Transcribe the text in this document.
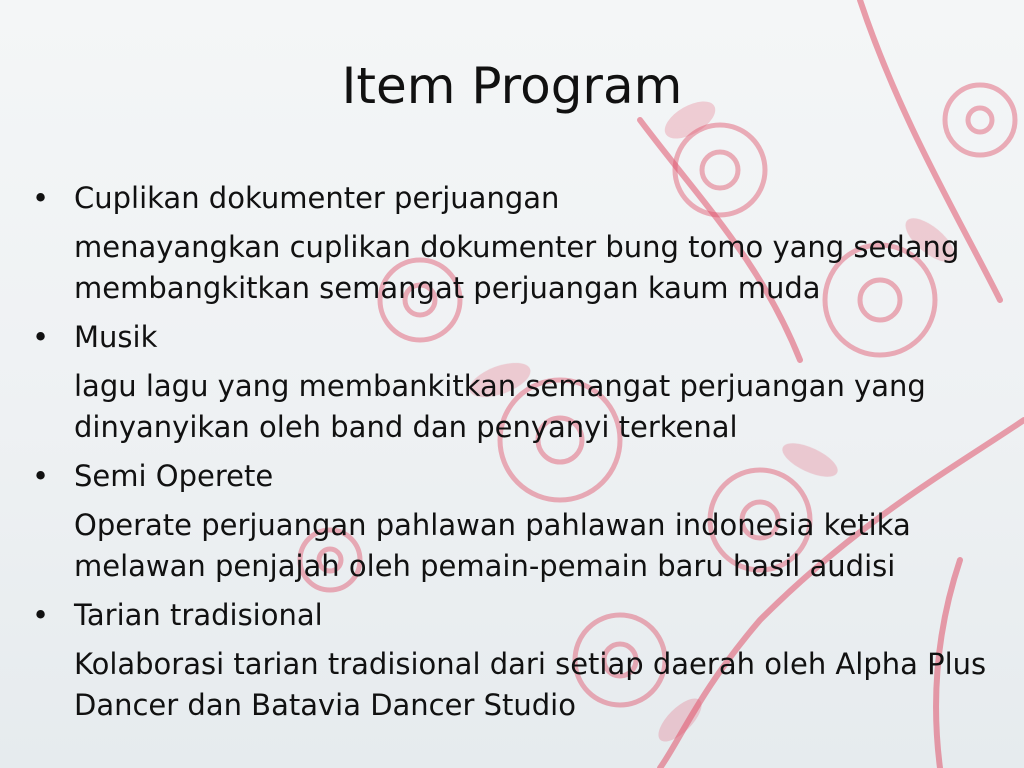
Item Program
• Cuplikan dokumenter perjuangan
menayangkan cuplikan dokumenter bung tomo yang sedang membangkitkan semangat perjuangan kaum muda
• Musik
lagu lagu yang membankitkan semangat perjuangan yang dinyanyikan oleh band dan penyanyi terkenal
• Semi Operete
Operate perjuangan pahlawan pahlawan indonesia ketika melawan penjajah oleh pemain-pemain baru hasil audisi
• Tarian tradisional
Kolaborasi tarian tradisional dari setiap daerah oleh Alpha Plus Dancer dan Batavia Dancer Studio
